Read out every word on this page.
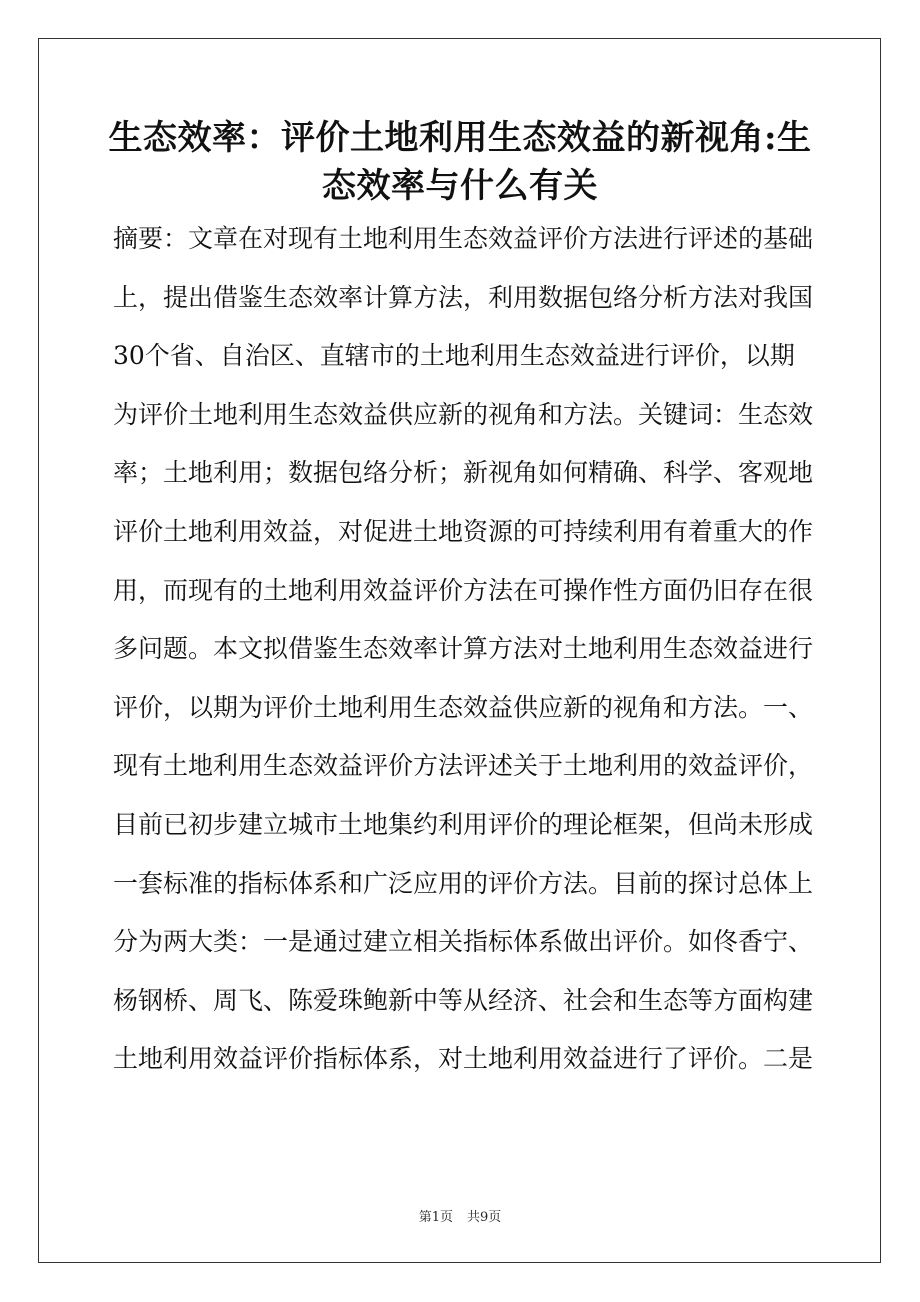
生态效率：评价土地利用生态效益的新视角:生
态效率与什么有关
摘要：文章在对现有土地利用生态效益评价方法进行评述的基础
上，提出借鉴生态效率计算方法，利用数据包络分析方法对我国
30个省、自治区、直辖市的土地利用生态效益进行评价，以期
为评价土地利用生态效益供应新的视角和方法。关键词：生态效
率；土地利用；数据包络分析；新视角如何精确、科学、客观地
评价土地利用效益，对促进土地资源的可持续利用有着重大的作
用，而现有的土地利用效益评价方法在可操作性方面仍旧存在很
多问题。本文拟借鉴生态效率计算方法对土地利用生态效益进行
评价，以期为评价土地利用生态效益供应新的视角和方法。一、
现有土地利用生态效益评价方法评述关于土地利用的效益评价，
目前已初步建立城市土地集约利用评价的理论框架，但尚未形成
一套标准的指标体系和广泛应用的评价方法。目前的探讨总体上
分为两大类：一是通过建立相关指标体系做出评价。如佟香宁、
杨钢桥、周飞、陈爱珠鲍新中等从经济、社会和生态等方面构建
土地利用效益评价指标体系，对土地利用效益进行了评价。二是
第1页 共9页
